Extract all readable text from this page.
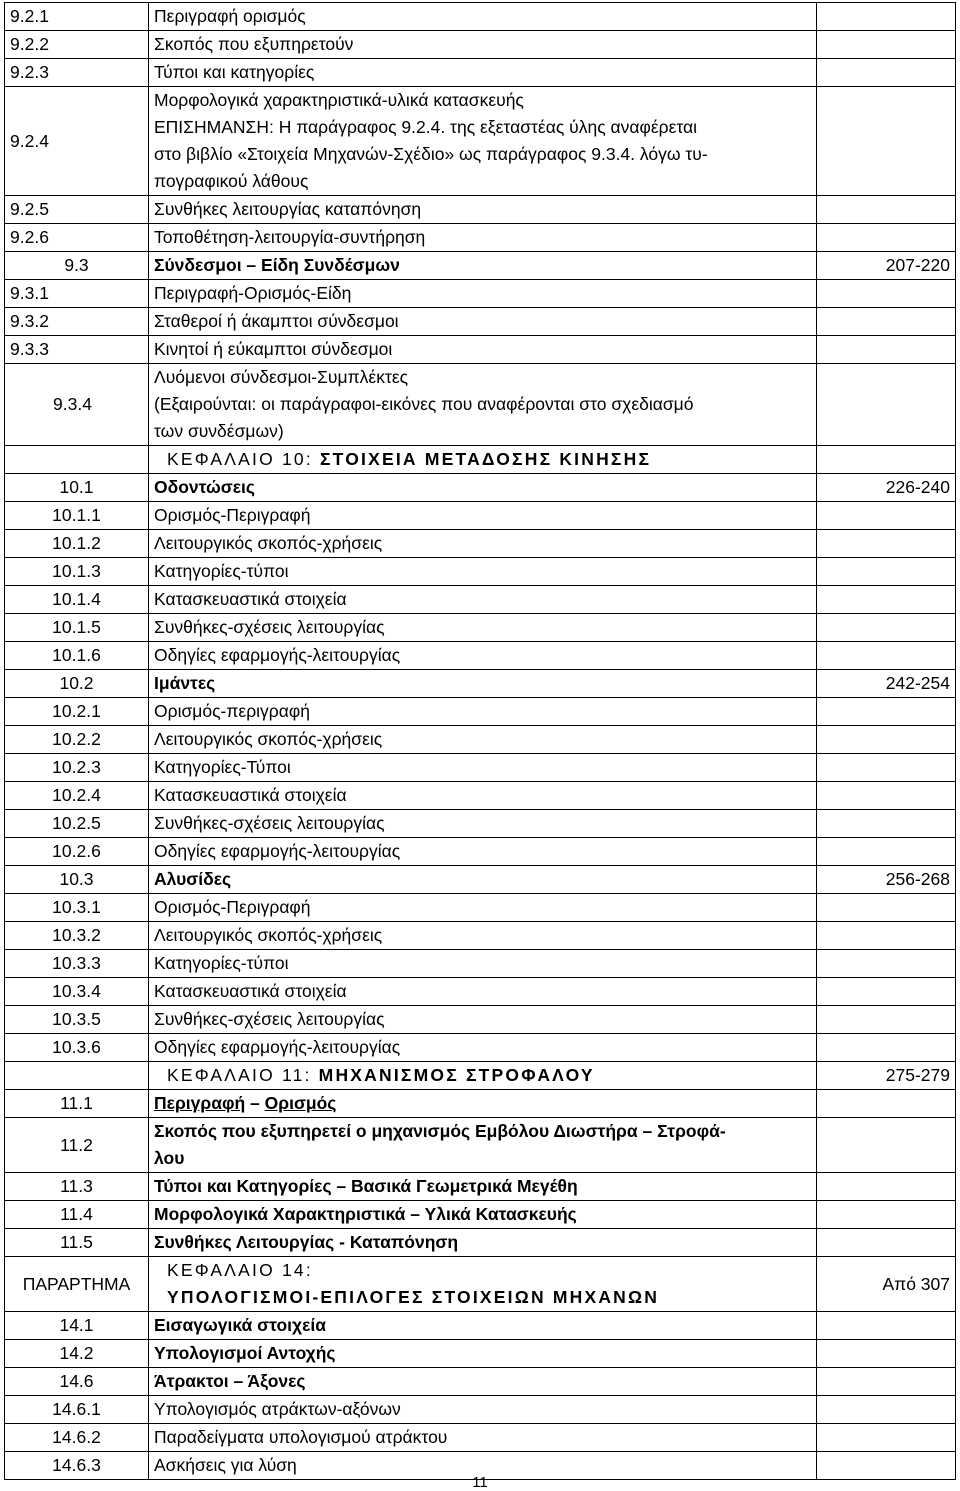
9.2.1	Περιγραφή ορισμός	
9.2.2	Σκοπός που εξυπηρετούν	
9.2.3	Τύποι και κατηγορίες	
9.2.4	Μορφολογικά χαρακτηριστικά-υλικά κατασκευής
ΕΠΙΣΗΜΑΝΣΗ: Η παράγραφος 9.2.4. της εξεταστέας ύλης αναφέρεται
στο βιβλίο «Στοιχεία Μηχανών-Σχέδιο» ως παράγραφος 9.3.4. λόγω τυ-
πογραφικού λάθους	

9.2.5	Συνθήκες λειτουργίας καταπόνηση	
9.2.6	Τοποθέτηση-λειτουργία-συντήρηση	
9.3	Σύνδεσμοι – Είδη Συνδέσμων	207-220
9.3.1	Περιγραφή-Ορισμός-Είδη	
9.3.2	Σταθεροί ή άκαμπτοι σύνδεσμοι	
9.3.3	Κινητοί ή εύκαμπτοι σύνδεσμοι	
9.3.4	Λυόμενοι σύνδεσμοι-Συμπλέκτες
(Εξαιρούνται: οι παράγραφοι-εικόνες που αναφέρονται στο σχεδιασμό
των συνδέσμων)	

	ΚΕΦΑΛΑΙΟ 10: ΣΤΟΙΧΕΙΑ ΜΕΤΑΔΟΣΗΣ ΚΙΝΗΣΗΣ	
10.1	Οδοντώσεις	226-240
10.1.1	Ορισμός-Περιγραφή	
10.1.2	Λειτουργικός σκοπός-χρήσεις	
10.1.3	Κατηγορίες-τύποι	
10.1.4	Κατασκευαστικά στοιχεία	
10.1.5	Συνθήκες-σχέσεις λειτουργίας	
10.1.6	Οδηγίες εφαρμογής-λειτουργίας	
10.2	Ιμάντες	242-254
10.2.1	Ορισμός-περιγραφή	
10.2.2	Λειτουργικός σκοπός-χρήσεις	
10.2.3	Κατηγορίες-Τύποι	
10.2.4	Κατασκευαστικά στοιχεία	
10.2.5	Συνθήκες-σχέσεις λειτουργίας	
10.2.6	Οδηγίες εφαρμογής-λειτουργίας	
10.3	Αλυσίδες	256-268
10.3.1	Ορισμός-Περιγραφή	
10.3.2	Λειτουργικός σκοπός-χρήσεις	
10.3.3	Κατηγορίες-τύποι	
10.3.4	Κατασκευαστικά στοιχεία	
10.3.5	Συνθήκες-σχέσεις λειτουργίας	
10.3.6	Οδηγίες εφαρμογής-λειτουργίας	
	ΚΕΦΑΛΑΙΟ 11: ΜΗΧΑΝΙΣΜΟΣ ΣΤΡΟΦΑΛΟΥ	275-279
11.1	Περιγραφή – Ορισμός	
11.2	Σκοπός που εξυπηρετεί ο μηχανισμός Εμβόλου Διωστήρα – Στροφά-
λου	

11.3	Τύποι και Κατηγορίες – Βασικά Γεωμετρικά Μεγέθη	
11.4	Μορφολογικά Χαρακτηριστικά – Υλικά Κατασκευής	
11.5	Συνθήκες Λειτουργίας - Καταπόνηση	
ΠΑΡΑΡΤΗΜΑ	ΚΕΦΑΛΑΙΟ 14:
ΥΠΟΛΟΓΙΣΜΟΙ-ΕΠΙΛΟΓΕΣ ΣΤΟΙΧΕΙΩΝ ΜΗΧΑΝΩΝ	Από 307
14.1	Εισαγωγικά στοιχεία	
14.2	Υπολογισμοί Αντοχής	
14.6	Άτρακτοι – Άξονες	
14.6.1	Υπολογισμός ατράκτων-αξόνων	
14.6.2	Παραδείγματα υπολογισμού ατράκτου	
14.6.3	Ασκήσεις για λύση	
11
